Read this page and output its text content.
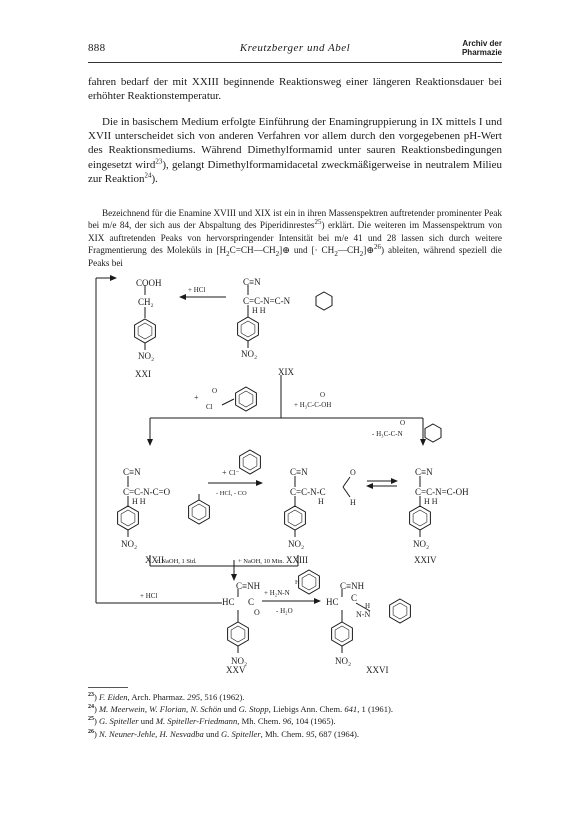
888	Kreutzberger und Abel	Archiv der
Pharmazie

fahren bedarf der mit XXIII beginnende Reaktionsweg einer längeren Reaktionsdauer bei erhöhter Reaktionstemperatur.

Die in basischem Medium erfolgte Einführung der Enamingruppierung in IX mittels I und XVII unterscheidet sich von anderen Verfahren vor allem durch den vorgegebenen pH-Wert des Reaktionsmediums. Während Dimethylformamid unter sauren Reaktionsbedingungen eingesetzt wird$^{23}$), gelangt Dimethylformamidacetal zweckmäßigerweise in neutralem Milieu zur Reaktion$^{24}$).

Bezeichnend für die Enamine XVIII und XIX ist ein in ihren Massenspektren auftretender prominenter Peak bei m/e 84, der sich aus der Abspaltung des Piperidinrestes$^{25}$) erklärt. Die weiteren im Massenspektrum von XIX auftretenden Peaks von hervorspringender Intensität bei m/e 41 und 28 lassen sich durch weitere Fragmentierung des Moleküls in $[H_2C=CH—CH_2]\oplus$ und [· $CH_2—CH_2]\oplus^{26}$) ableiten, während speziell die Peaks bei

COOH
CH₂
NO₂
XXI
C≡N
C=C-N=C-N
H H
NO₂
XIX
+ HCl
+
Cl
O
+ H₃C-C-OH
O
- H₃C-C-N
O
C≡N
C=C-N-C=O
H H
NO₂
XXII
+ Cl⁻
- HCl, - CO
C≡N
C=C-N-C
H
O
H
NO₂
XXIII
C≡N
C=C-N=C-OH
H H
NO₂
XXIV
+ NaOH, 1 Std.	+ NaOH, 10 Min.
C≡NH
HC C
O
NO₂
XXV
+ HCl	+ H₂N-N
H
- H₂O
C≡NH
HC C
H
N-N
NO₂
XXVI
$^{23}$) F. Eiden, Arch. Pharmaz. 295, 516 (1962).
$^{24}$) M. Meerwein, W. Florian, N. Schön und G. Stopp, Liebigs Ann. Chem. 641, 1 (1961).
$^{25}$) G. Spiteller und M. Spiteller-Friedmann, Mh. Chem. 96, 104 (1965).
$^{26}$) N. Neuner-Jehle, H. Nesvadba und G. Spiteller, Mh. Chem. 95, 687 (1964).
